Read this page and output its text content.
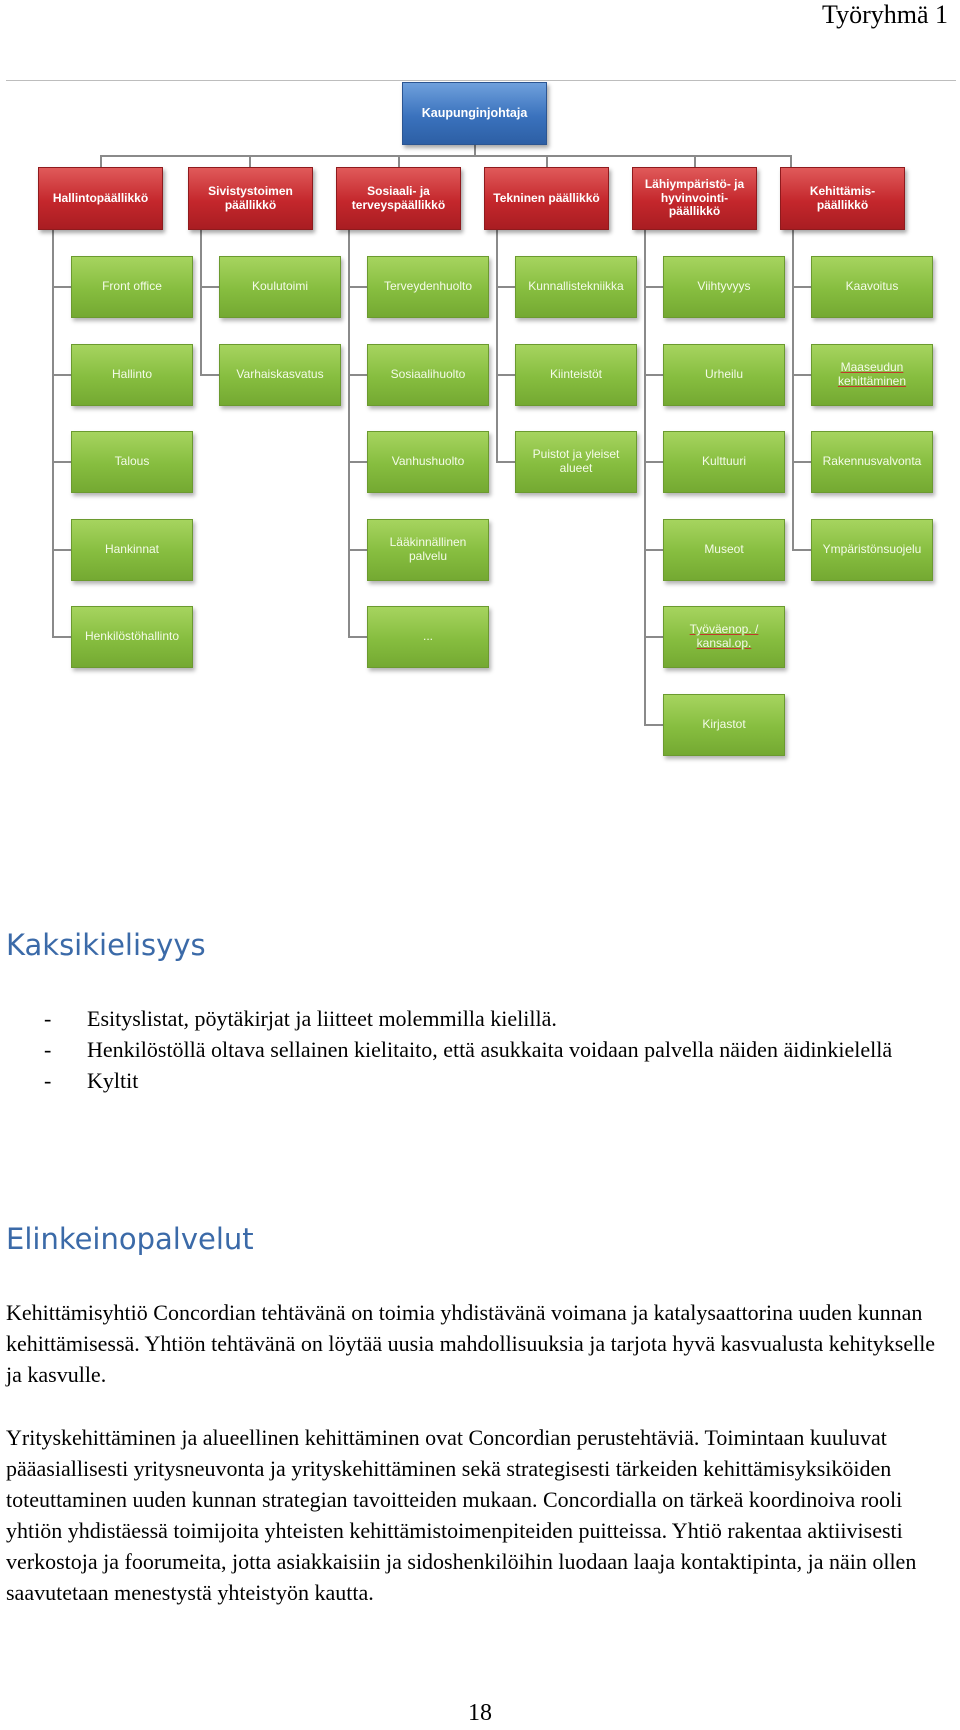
Työryhmä 1
Kaupunginjohtaja
Hallintopäällikkö	Sivistystoimen päällikkö
Sosiaali- ja terveyspäällikkö	Tekninen päällikkö
Lähiympäristö- ja hyvinvointi-päällikkö
Kehittämis-päällikkö
Front office
Hallinto
Talous
Hankinnat
Henkilöstöhallinto
Koulutoimi
Varhaiskasvatus
Terveydenhuolto
Sosiaalihuolto
Vanhushuolto
Lääkinnällinen palvelu
...
Kunnallistekniikka
Kiinteistöt
Puistot ja yleiset alueet
Viihtyvyys
Urheilu
Kulttuuri
Museot
Työväenop. / kansal.op.
Kirjastot
Kaavoitus
Maaseudun kehittäminen
Rakennusvalvonta
Ympäristönsuojelu
Kaksikielisyys
- Esityslistat, pöytäkirjat ja liitteet molemmilla kielillä.
- Henkilöstöllä oltava sellainen kielitaito, että asukkaita voidaan palvella näiden äidinkielellä
- Kyltit
Elinkeinopalvelut

Kehittämisyhtiö Concordian tehtävänä on toimia yhdistävänä voimana ja katalysaattorina uuden kunnan kehittämisessä. Yhtiön tehtävänä on löytää uusia mahdollisuuksia ja tarjota hyvä kasvualusta kehitykselle ja kasvulle.

Yrityskehittäminen ja alueellinen kehittäminen ovat Concordian perustehtäviä. Toimintaan kuuluvat pääasiallisesti yritysneuvonta ja yrityskehittäminen sekä strategisesti tärkeiden kehittämisyksiköiden toteuttaminen uuden kunnan strategian tavoitteiden mukaan. Concordialla on tärkeä koordinoiva rooli yhtiön yhdistäessä toimijoita yhteisten kehittämistoimenpiteiden puitteissa. Yhtiö rakentaa aktiivisesti verkostoja ja foorumeita, jotta asiakkaisiin ja sidoshenkilöihin luodaan laaja kontaktipinta, ja näin ollen saavutetaan menestystä yhteistyön kautta.

18
